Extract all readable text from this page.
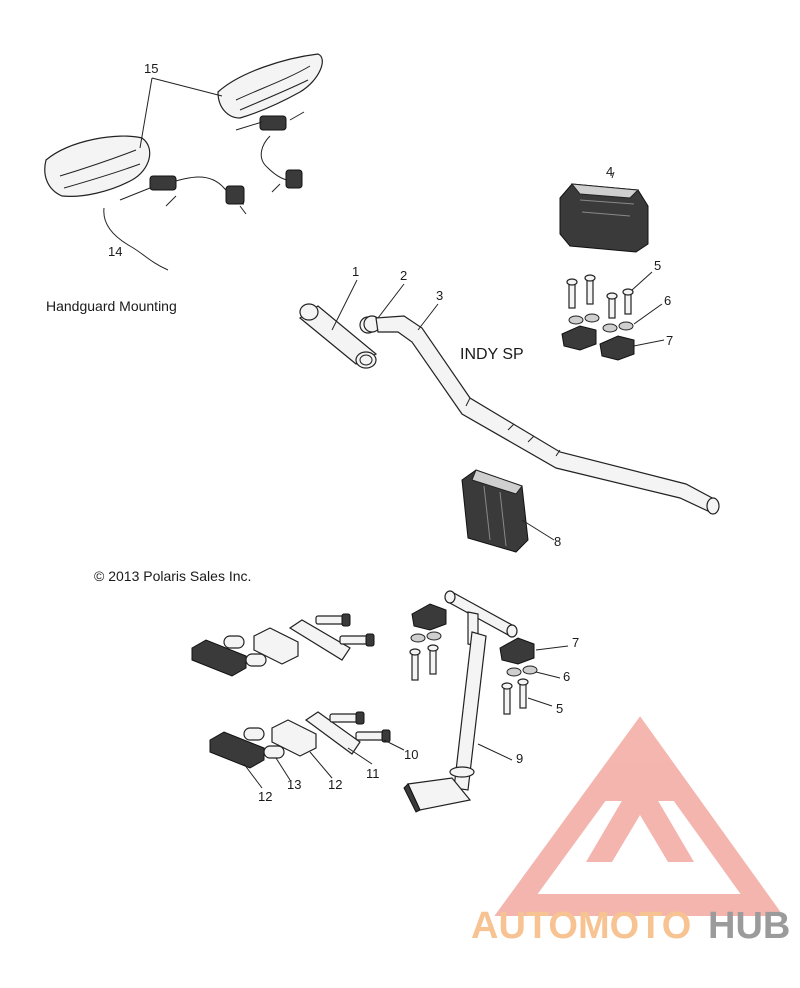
AUTOMOTO HUB
15
14
Handguard Mounting
1	2
3
INDY SP
4
5
6
7
8
© 2013 Polaris Sales Inc.
9
7
6
5
10
11
12
13
12
